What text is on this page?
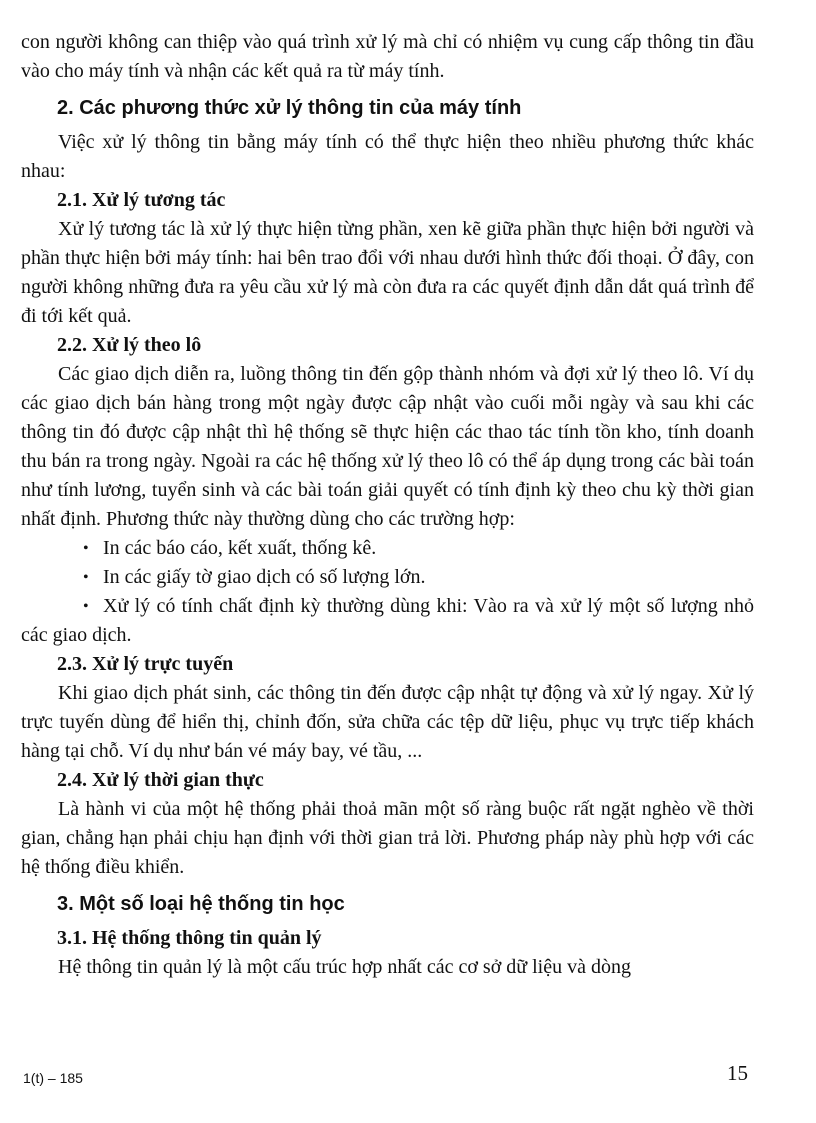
con người không can thiệp vào quá trình xử lý mà chỉ có nhiệm vụ cung cấp thông tin đầu vào cho máy tính và nhận các kết quả ra từ máy tính.

2. Các phương thức xử lý thông tin của máy tính

Việc xử lý thông tin bằng máy tính có thể thực hiện theo nhiều phương thức khác nhau:

2.1. Xử lý tương tác

Xử lý tương tác là xử lý thực hiện từng phần, xen kẽ giữa phần thực hiện bởi người và phần thực hiện bởi máy tính: hai bên trao đổi với nhau dưới hình thức đối thoại. Ở đây, con người không những đưa ra yêu cầu xử lý mà còn đưa ra các quyết định dẫn dắt quá trình để đi tới kết quả.

2.2. Xử lý theo lô

Các giao dịch diễn ra, luồng thông tin đến gộp thành nhóm và đợi xử lý theo lô. Ví dụ các giao dịch bán hàng trong một ngày được cập nhật vào cuối mỗi ngày và sau khi các thông tin đó được cập nhật thì hệ thống sẽ thực hiện các thao tác tính tồn kho, tính doanh thu bán ra trong ngày. Ngoài ra các hệ thống xử lý theo lô có thể áp dụng trong các bài toán như tính lương, tuyển sinh và các bài toán giải quyết có tính định kỳ theo chu kỳ thời gian nhất định. Phương thức này thường dùng cho các trường hợp:

• In các báo cáo, kết xuất, thống kê.

• In các giấy tờ giao dịch có số lượng lớn.

• Xử lý có tính chất định kỳ thường dùng khi: Vào ra và xử lý một số lượng nhỏ các giao dịch.

2.3. Xử lý trực tuyến

Khi giao dịch phát sinh, các thông tin đến được cập nhật tự động và xử lý ngay. Xử lý trực tuyến dùng để hiển thị, chỉnh đốn, sửa chữa các tệp dữ liệu, phục vụ trực tiếp khách hàng tại chỗ. Ví dụ như bán vé máy bay, vé tầu, ...

2.4. Xử lý thời gian thực

Là hành vi của một hệ thống phải thoả mãn một số ràng buộc rất ngặt nghèo về thời gian, chẳng hạn phải chịu hạn định với thời gian trả lời. Phương pháp này phù hợp với các hệ thống điều khiển.

3. Một số loại hệ thống tin học
3.1. Hệ thống thông tin quản lý

Hệ thông tin quản lý là một cấu trúc hợp nhất các cơ sở dữ liệu và dòng

1(t) – 185	15
